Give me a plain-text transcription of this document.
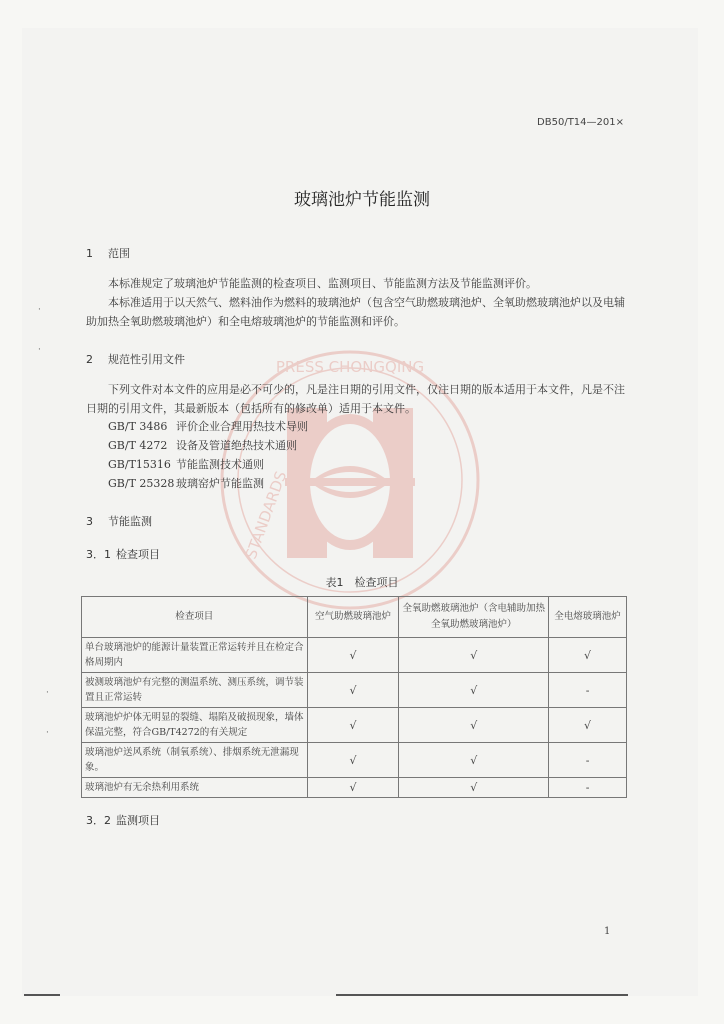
PRESS CHONGQING
STANDARDS
DB50/T14—201×
玻璃池炉节能监测
1 范围

本标准规定了玻璃池炉节能监测的检查项目、监测项目、节能监测方法及节能监测评价。

本标准适用于以天然气、燃料油作为燃料的玻璃池炉（包含空气助燃玻璃池炉、全氧助燃玻璃池炉以及电辅助加热全氧助燃玻璃池炉）和全电熔玻璃池炉的节能监测和评价。

2 规范性引用文件

下列文件对本文件的应用是必不可少的，凡是注日期的引用文件，仅注日期的版本适用于本文件，凡是不注日期的引用文件，其最新版本（包括所有的修改单）适用于本文件。

GB/T 3486 评价企业合理用热技术导则
GB/T 4272 设备及管道绝热技术通则
GB/T15316 节能监测技术通则
GB/T 25328 玻璃窑炉节能监测
3 节能监测
3．1 检查项目
表1　检查项目
检查项目	空气助燃玻璃池炉	全氧助燃玻璃池炉（含电辅助加热全氧助燃玻璃池炉）	全电熔玻璃池炉
单台玻璃池炉的能源计量装置正常运转并且在检定合格周期内	√	√	√
被测玻璃池炉有完整的测温系统、测压系统，调节装置且正常运转	√	√	-
玻璃池炉炉体无明显的裂缝、塌陷及破损现象，墙体保温完整，符合GB/T4272的有关规定	√	√	√
玻璃池炉送风系统（制氧系统）、排烟系统无泄漏现象。	√	√	-
玻璃池炉有无余热利用系统	√	√	-
3．2 监测项目
1
·
·
·
·
